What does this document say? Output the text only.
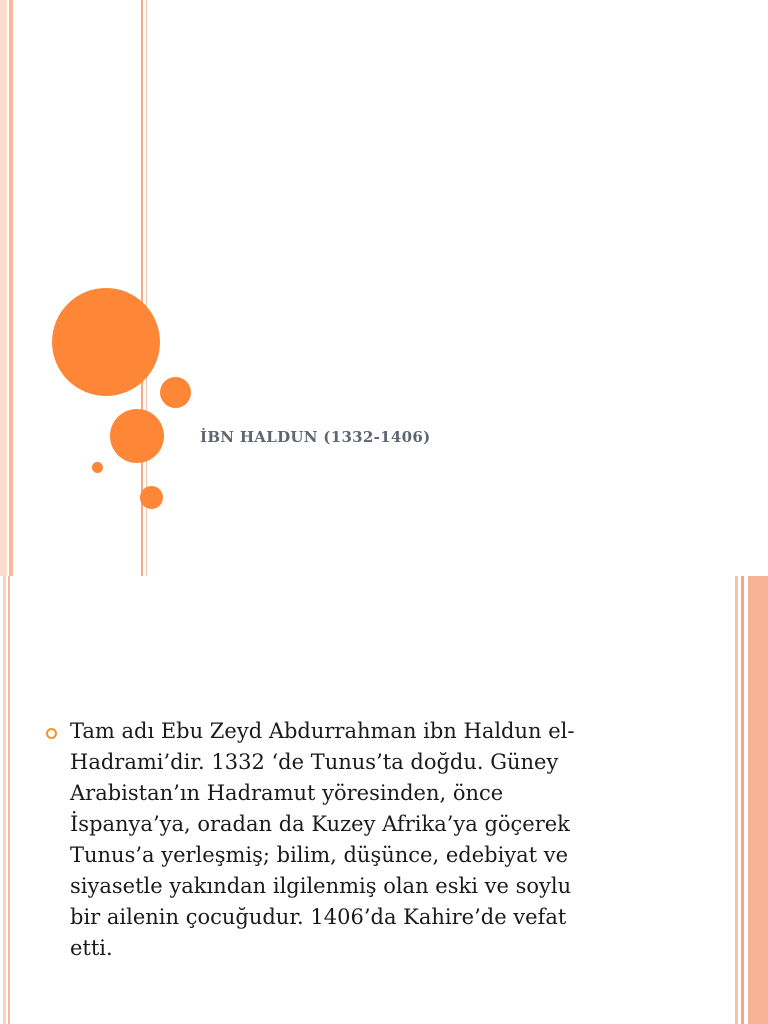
İBN HALDUN (1332-1406)
Tam adı Ebu Zeyd Abdurrahman ibn Haldun el-
Hadrami’dir. 1332 ‘de Tunus’ta doğdu. Güney
Arabistan’ın Hadramut yöresinden, önce
İspanya’ya, oradan da Kuzey Afrika’ya göçerek
Tunus’a yerleşmiş; bilim, düşünce, edebiyat ve
siyasetle yakından ilgilenmiş olan eski ve soylu
bir ailenin çocuğudur. 1406’da Kahire’de vefat
etti.
